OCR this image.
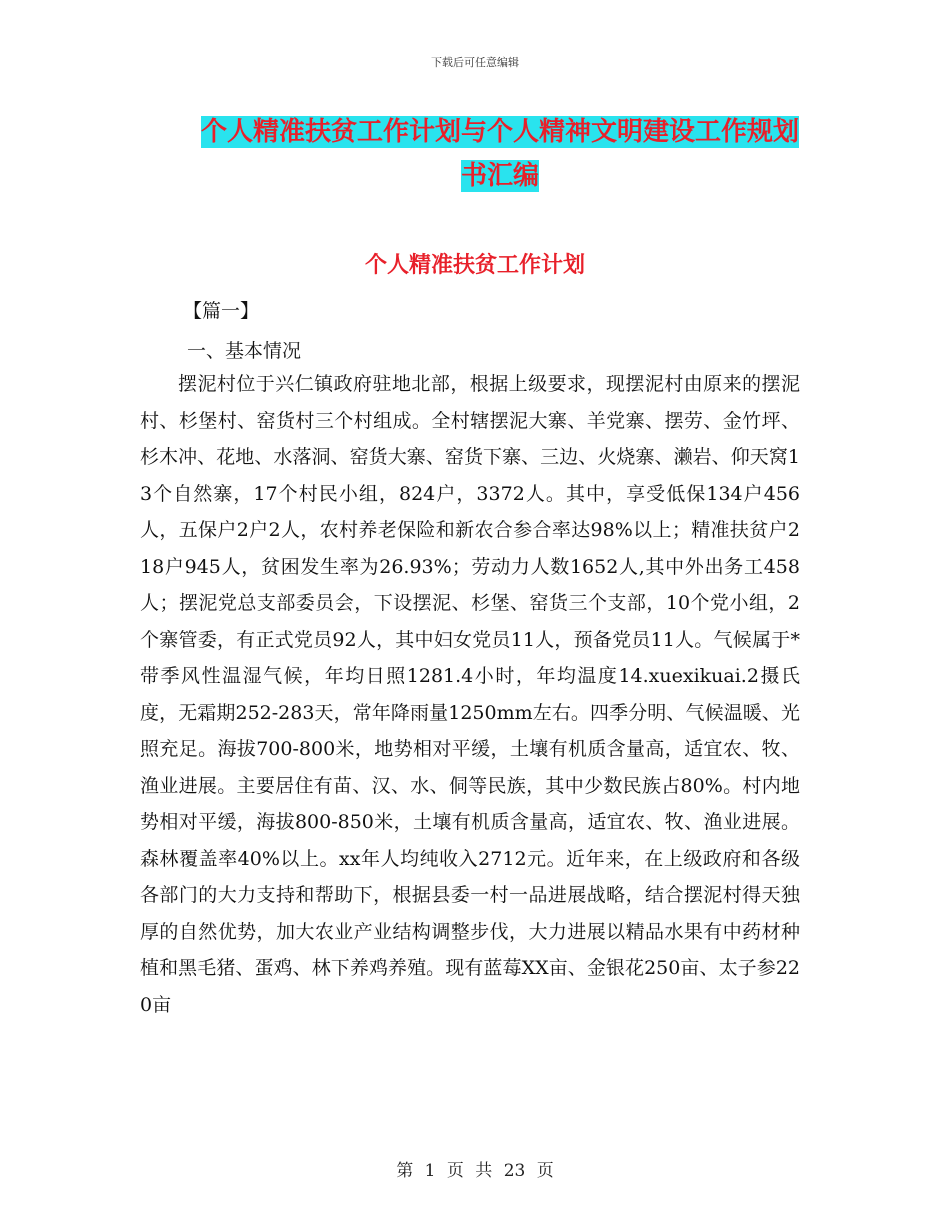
下载后可任意编辑
个人精准扶贫工作计划与个人精神文明建设工作规划
书汇编
个人精准扶贫工作计划
【篇一】
一、基本情况

摆泥村位于兴仁镇政府驻地北部，根据上级要求，现摆泥村由原来的摆泥村、杉堡村、窑货村三个村组成。全村辖摆泥大寨、羊党寨、摆劳、金竹坪、杉木冲、花地、水落洞、窑货大寨、窑货下寨、三边、火烧寨、濑岩、仰天窝13个自然寨，17个村民小组，824户，3372人。其中，享受低保134户456人，五保户2户2人，农村养老保险和新农合参合率达98%以上；精准扶贫户218户945人，贫困发生率为26.93%；劳动力人数1652人,其中外出务工458人；摆泥党总支部委员会，下设摆泥、杉堡、窑货三个支部，10个党小组，2个寨管委，有正式党员92人，其中妇女党员11人，预备党员11人。气候属于*带季风性温湿气候，年均日照1281.4小时，年均温度14.xuexikuai.2摄氏度，无霜期252-283天，常年降雨量1250mm左右。四季分明、气候温暖、光照充足。海拔700-800米，地势相对平缓，土壤有机质含量高，适宜农、牧、渔业进展。主要居住有苗、汉、水、侗等民族，其中少数民族占80%。村内地势相对平缓，海拔800-850米，土壤有机质含量高，适宜农、牧、渔业进展。森林覆盖率40%以上。xx年人均纯收入2712元。近年来，在上级政府和各级各部门的大力支持和帮助下，根据县委一村一品进展战略，结合摆泥村得天独厚的自然优势，加大农业产业结构调整步伐，大力进展以精品水果有中药材种植和黑毛猪、蛋鸡、林下养鸡养殖。现有蓝莓XX亩、金银花250亩、太子参220亩

第 1 页 共 23 页
